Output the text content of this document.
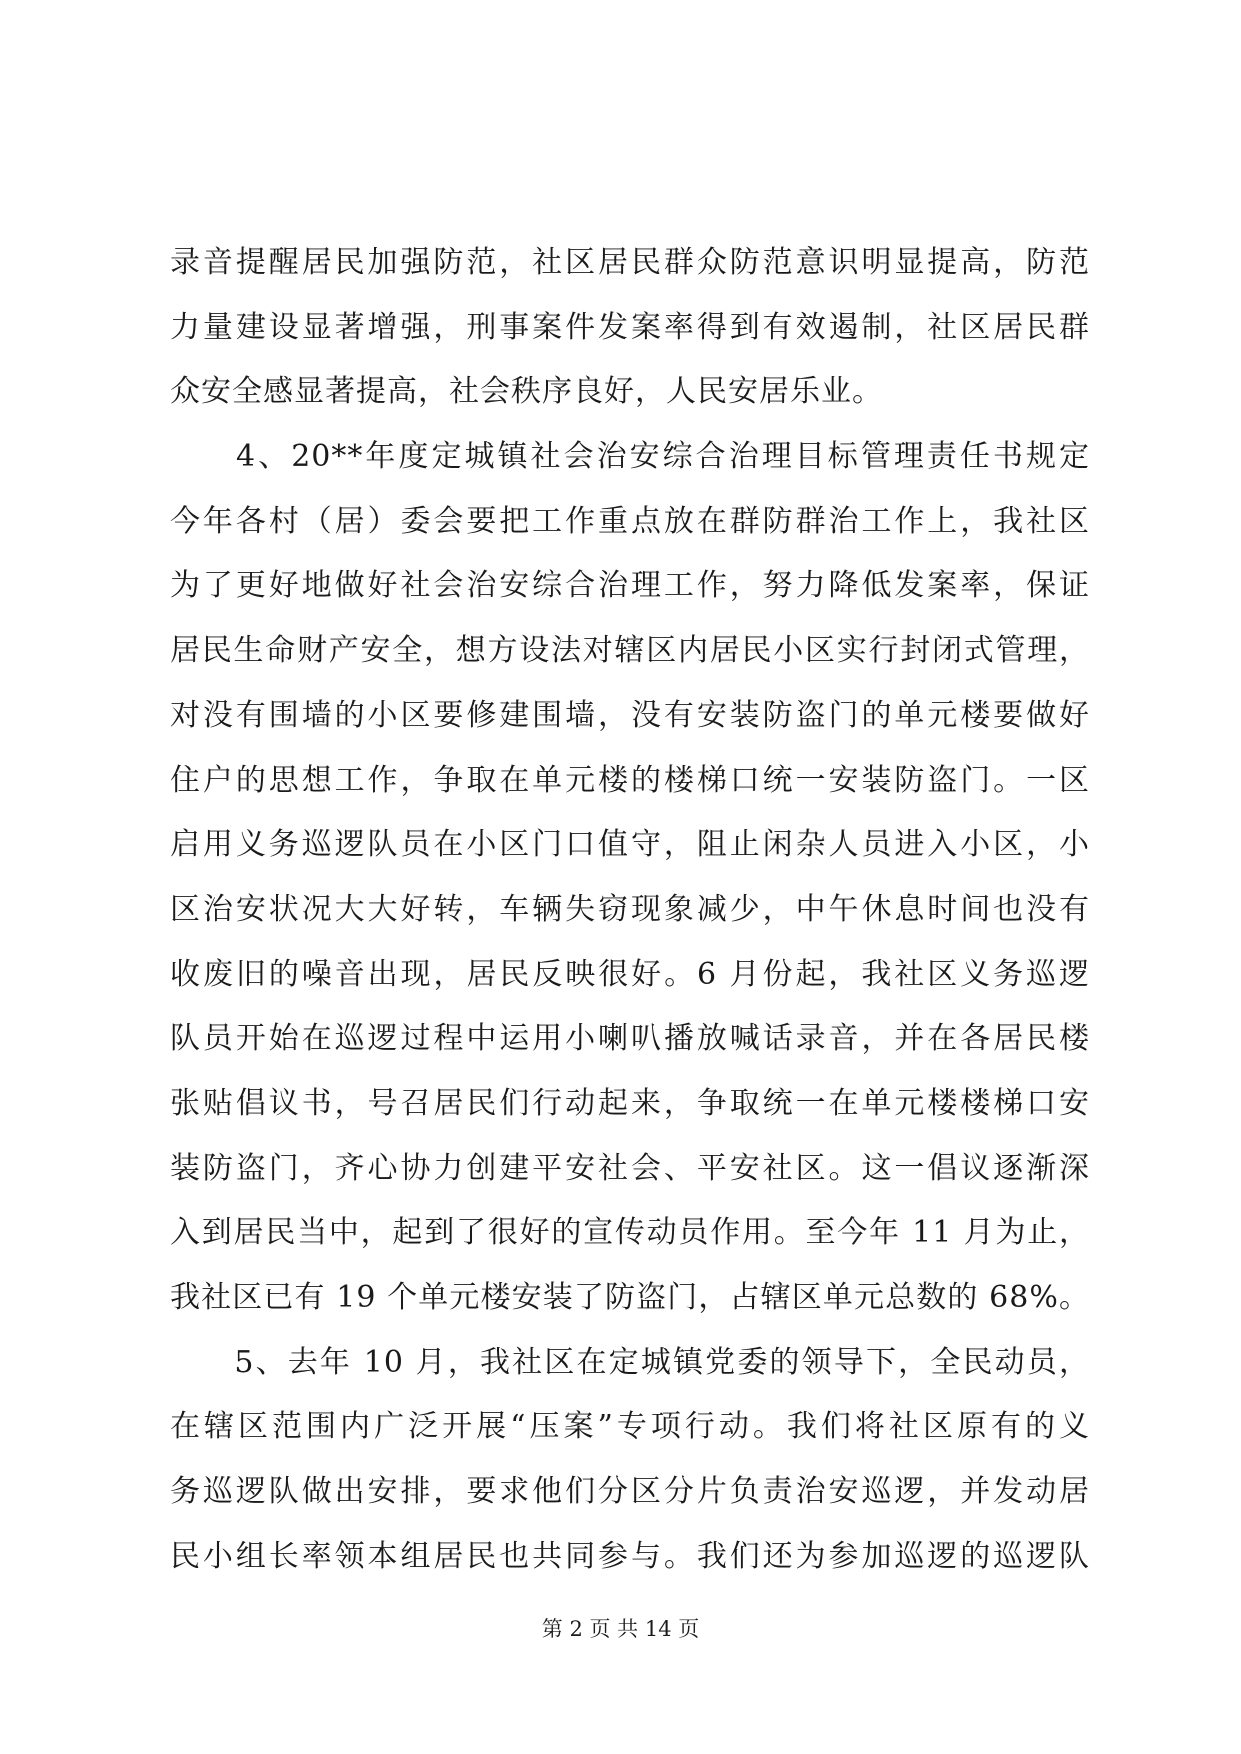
录音提醒居民加强防范，社区居民群众防范意识明显提高，防范
力量建设显著增强，刑事案件发案率得到有效遏制，社区居民群
众安全感显著提高，社会秩序良好，人民安居乐业。
　　4、20**年度定城镇社会治安综合治理目标管理责任书规定
今年各村（居）委会要把工作重点放在群防群治工作上，我社区
为了更好地做好社会治安综合治理工作，努力降低发案率，保证
居民生命财产安全，想方设法对辖区内居民小区实行封闭式管理，
对没有围墙的小区要修建围墙，没有安装防盗门的单元楼要做好
住户的思想工作，争取在单元楼的楼梯口统一安装防盗门。一区
启用义务巡逻队员在小区门口值守，阻止闲杂人员进入小区，小
区治安状况大大好转，车辆失窃现象减少，中午休息时间也没有
收废旧的噪音出现，居民反映很好。6 月份起，我社区义务巡逻
队员开始在巡逻过程中运用小喇叭播放喊话录音，并在各居民楼
张贴倡议书，号召居民们行动起来，争取统一在单元楼楼梯口安
装防盗门，齐心协力创建平安社会、平安社区。这一倡议逐渐深
入到居民当中，起到了很好的宣传动员作用。至今年 11 月为止，
我社区已有 19 个单元楼安装了防盗门，占辖区单元总数的 68%。
　　5、去年 10 月，我社区在定城镇党委的领导下，全民动员，
在辖区范围内广泛开展“压案”专项行动。我们将社区原有的义
务巡逻队做出安排，要求他们分区分片负责治安巡逻，并发动居
民小组长率领本组居民也共同参与。我们还为参加巡逻的巡逻队
第 2 页 共 14 页
